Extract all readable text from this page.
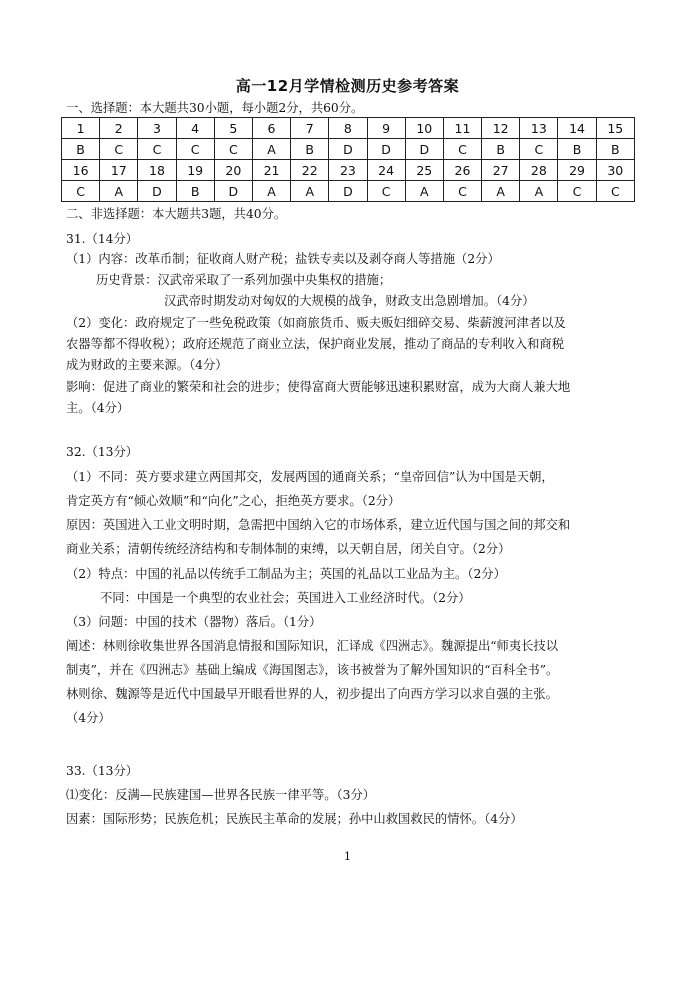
高一12月学情检测历史参考答案
一、选择题：本大题共30小题，每小题2分，共60分。
1	2	3	4	5	6	7	8	9	10	11	12	13	14	15
B	C	C	C	C	A	B	D	D	D	C	B	C	B	B
16	17	18	19	20	21	22	23	24	25	26	27	28	29	30
C	A	D	B	D	A	A	D	C	A	C	A	A	C	C
二、非选择题：本大题共3题，共40分。
31.（14分）
（1）内容：改革币制；征收商人财产税；盐铁专卖以及剥夺商人等措施（2分）
历史背景：汉武帝采取了一系列加强中央集权的措施；
汉武帝时期发动对匈奴的大规模的战争，财政支出急剧增加。（4分）
（2）变化：政府规定了一些免税政策（如商旅货币、贩夫贩妇细碎交易、柴薪渡河津者以及
农器等都不得收税）；政府还规范了商业立法，保护商业发展，推动了商品的专利收入和商税
成为财政的主要来源。（4分）
影响：促进了商业的繁荣和社会的进步；使得富商大贾能够迅速积累财富，成为大商人兼大地
主。（4分）
32.（13分）
（1）不同：英方要求建立两国邦交，发展两国的通商关系；“皇帝回信”认为中国是天朝，
肯定英方有“倾心效顺”和“向化”之心，拒绝英方要求。（2分）
原因：英国进入工业文明时期，急需把中国纳入它的市场体系，建立近代国与国之间的邦交和
商业关系；清朝传统经济结构和专制体制的束缚，以天朝自居，闭关自守。（2分）
（2）特点：中国的礼品以传统手工制品为主；英国的礼品以工业品为主。（2分）
不同：中国是一个典型的农业社会；英国进入工业经济时代。（2分）
（3）问题：中国的技术（器物）落后。（1分）
阐述：林则徐收集世界各国消息情报和国际知识，汇译成《四洲志》。魏源提出“师夷长技以
制夷”，并在《四洲志》基础上编成《海国图志》，该书被誉为了解外国知识的“百科全书”。
林则徐、魏源等是近代中国最早开眼看世界的人，初步提出了向西方学习以求自强的主张。
（4分）
33.（13分）
⑴变化：反满—民族建国—世界各民族一律平等。（3分）
因素：国际形势；民族危机；民族民主革命的发展；孙中山救国救民的情怀。（4分）
1
